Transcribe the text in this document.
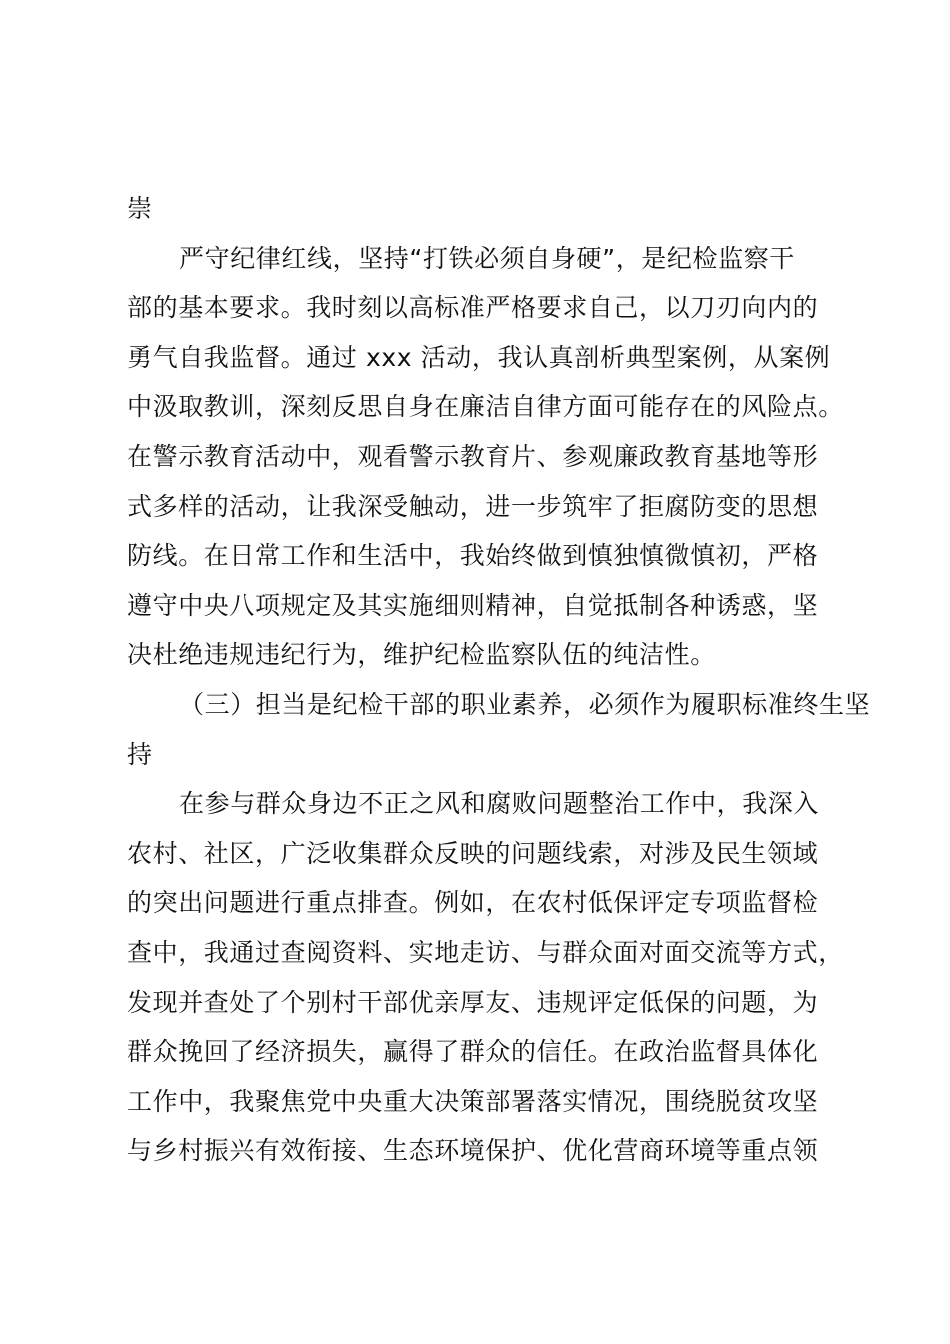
崇
严守纪律红线，坚持“打铁必须自身硬”，是纪检监察干
部的基本要求。我时刻以高标准严格要求自己，以刀刃向内的
勇气自我监督。通过 xxx 活动，我认真剖析典型案例，从案例
中汲取教训，深刻反思自身在廉洁自律方面可能存在的风险点。
在警示教育活动中，观看警示教育片、参观廉政教育基地等形
式多样的活动，让我深受触动，进一步筑牢了拒腐防变的思想
防线。在日常工作和生活中，我始终做到慎独慎微慎初，严格
遵守中央八项规定及其实施细则精神，自觉抵制各种诱惑，坚
决杜绝违规违纪行为，维护纪检监察队伍的纯洁性。
（三）担当是纪检干部的职业素养，必须作为履职标准终生坚
持
在参与群众身边不正之风和腐败问题整治工作中，我深入
农村、社区，广泛收集群众反映的问题线索，对涉及民生领域
的突出问题进行重点排查。例如，在农村低保评定专项监督检
查中，我通过查阅资料、实地走访、与群众面对面交流等方式，
发现并查处了个别村干部优亲厚友、违规评定低保的问题，为
群众挽回了经济损失，赢得了群众的信任。在政治监督具体化
工作中，我聚焦党中央重大决策部署落实情况，围绕脱贫攻坚
与乡村振兴有效衔接、生态环境保护、优化营商环境等重点领
